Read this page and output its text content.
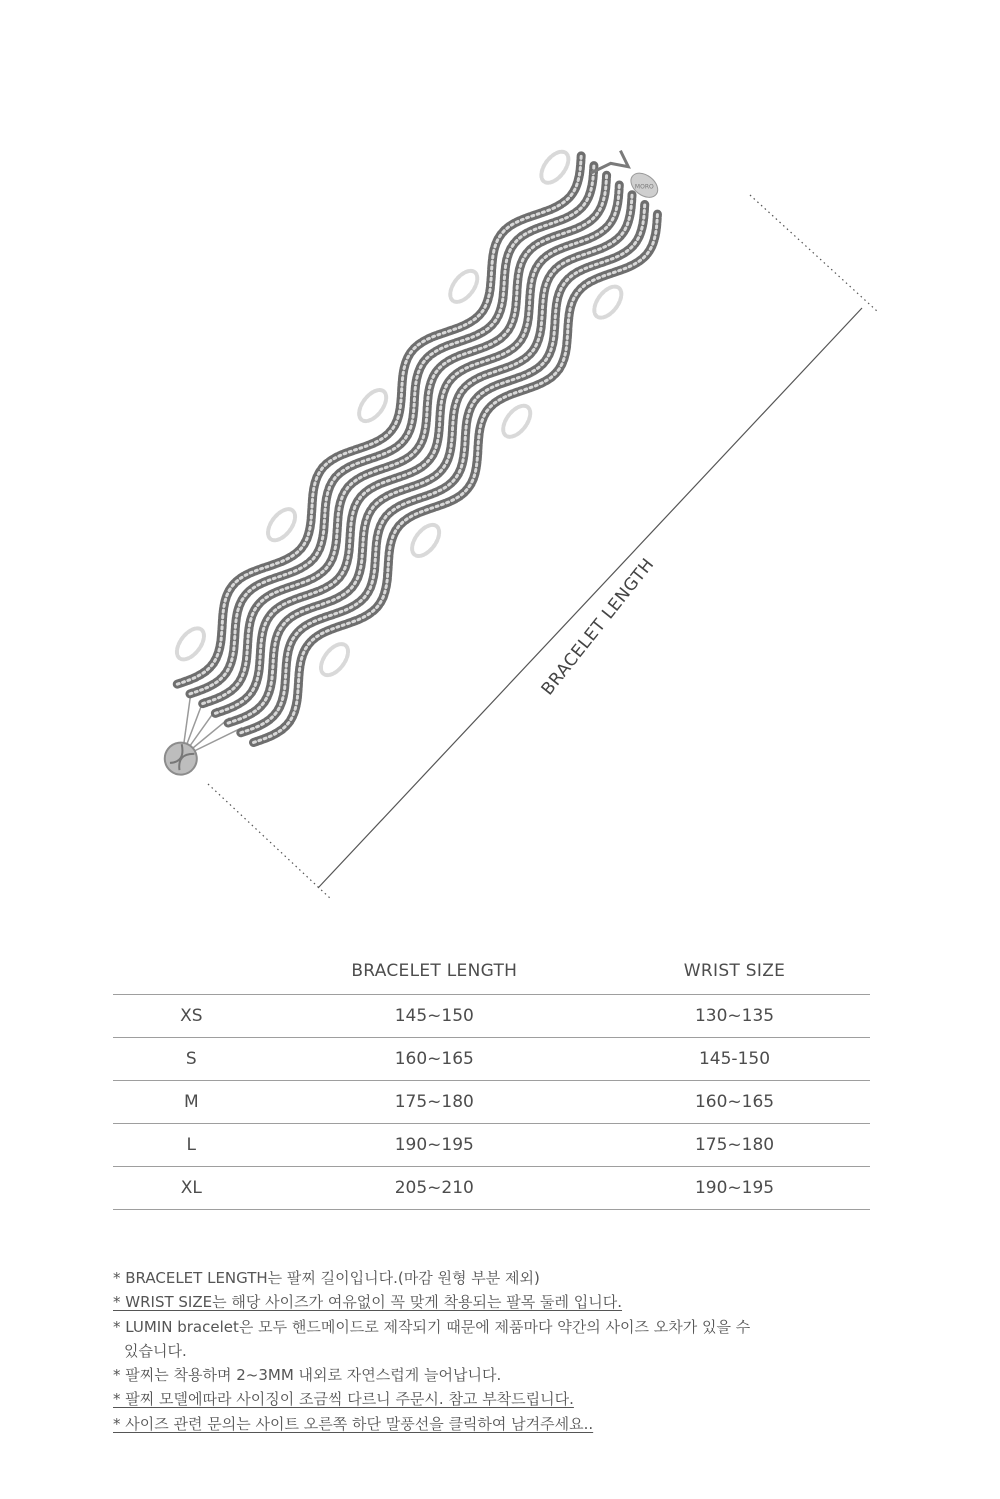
MORO
BRACELET LENGTH
	BRACELET LENGTH	WRIST SIZE
XS	145~150	130~135
S	160~165	145-150
M	175~180	160~165
L	190~195	175~180
XL	205~210	190~195

* BRACELET LENGTH는 팔찌 길이입니다.(마감 원형 부분 제외)

* WRIST SIZE는 해당 사이즈가 여유없이 꼭 맞게 착용되는 팔목 둘레 입니다.

* LUMIN bracelet은 모두 핸드메이드로 제작되기 때문에 제품마다 약간의 사이즈 오차가 있을 수

있습니다.

* 팔찌는 착용하며 2~3MM 내외로 자연스럽게 늘어납니다.

* 팔찌 모델에따라 사이징이 조금씩 다르니 주문시. 참고 부착드립니다.

* 사이즈 관련 문의는 사이트 오른쪽 하단 말풍선을 클릭하여 남겨주세요..
